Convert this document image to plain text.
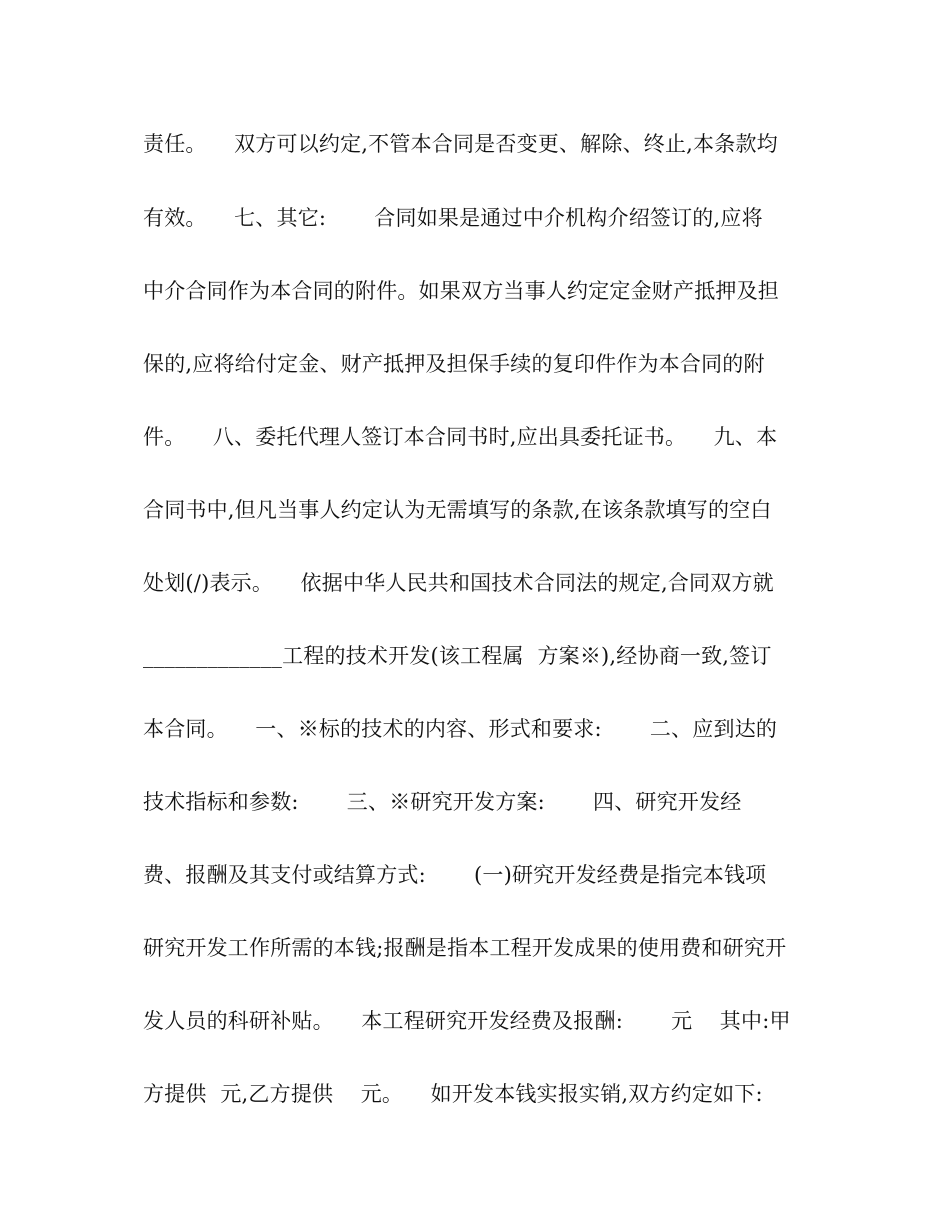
责任。    双方可以约定,不管本合同是否变更、解除、终止,本条款均
有效。    七、其它:       合同如果是通过中介机构介绍签订的,应将
中介合同作为本合同的附件。如果双方当事人约定定金财产抵押及担
保的,应将给付定金、财产抵押及担保手续的复印件作为本合同的附
件。    八、委托代理人签订本合同书时,应出具委托证书。    九、本
合同书中,但凡当事人约定认为无需填写的条款,在该条款填写的空白
处划(/)表示。    依据中华人民共和国技术合同法的规定,合同双方就
_____________工程的技术开发(该工程属  方案※),经协商一致,签订
本合同。    一、※标的技术的内容、形式和要求:       二、应到达的
技术指标和参数:       三、※研究开发方案:       四、研究开发经
费、报酬及其支付或结算方式:       (一)研究开发经费是指完本钱项
研究开发工作所需的本钱;报酬是指本工程开发成果的使用费和研究开
发人员的科研补贴。    本工程研究开发经费及报酬:       元    其中:甲
方提供  元,乙方提供    元。    如开发本钱实报实销,双方约定如下:
